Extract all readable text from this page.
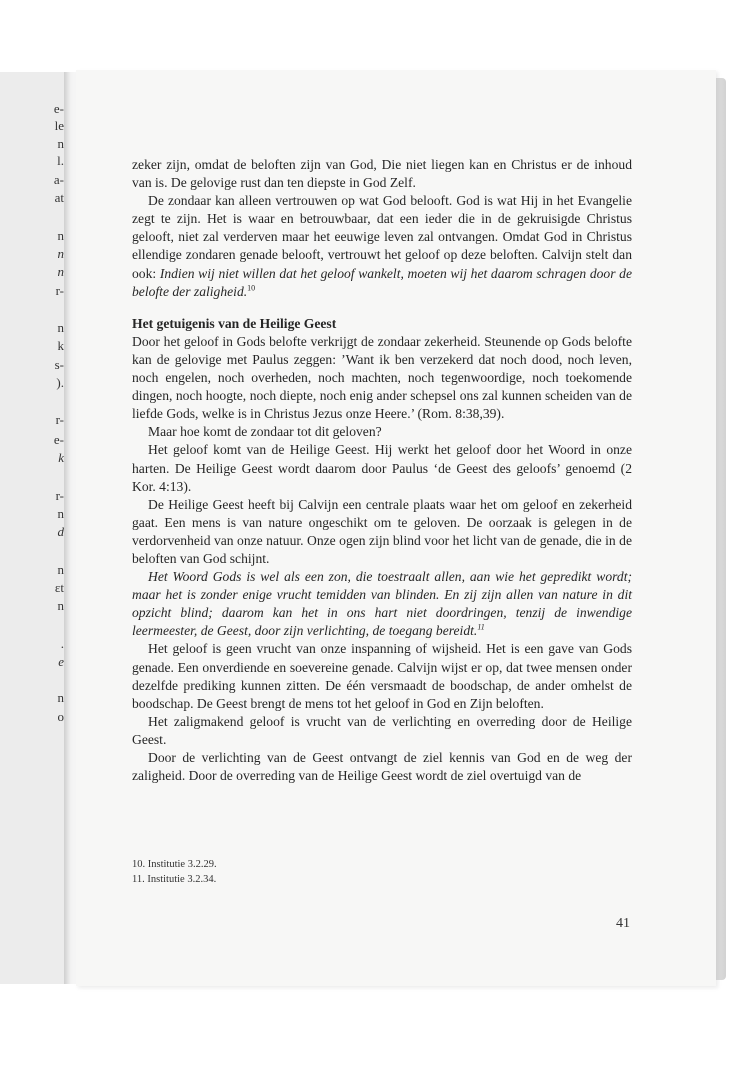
e-
le
n
l.
a-
at
n
n
n
r-
n
k
s-
).
r-
e-
k
r-
n
d
n
ɛt
n
.
e
n
o

zeker zijn, omdat de beloften zijn van God, Die niet liegen kan en Christus er de inhoud van is. De gelovige rust dan ten diepste in God Zelf.

De zondaar kan alleen vertrouwen op wat God belooft. God is wat Hij in het Evangelie zegt te zijn. Het is waar en betrouwbaar, dat een ieder die in de gekruisigde Christus gelooft, niet zal verderven maar het eeuwige leven zal ontvangen. Omdat God in Christus ellendige zondaren genade belooft, vertrouwt het geloof op deze beloften. Calvijn stelt dan ook: Indien wij niet willen dat het geloof wankelt, moeten wij het daarom schragen door de belofte der zaligheid.$^{10}$

Het getuigenis van de Heilige Geest

Door het geloof in Gods belofte verkrijgt de zondaar zekerheid. Steunende op Gods belofte kan de gelovige met Paulus zeggen: ’Want ik ben verzekerd dat noch dood, noch leven, noch engelen, noch overheden, noch machten, noch tegenwoordige, noch toekomende dingen, noch hoogte, noch diepte, noch enig ander schepsel ons zal kunnen scheiden van de liefde Gods, welke is in Christus Jezus onze Heere.’ (Rom. 8:38,39).

Maar hoe komt de zondaar tot dit geloven?

Het geloof komt van de Heilige Geest. Hij werkt het geloof door het Woord in onze harten. De Heilige Geest wordt daarom door Paulus ‘de Geest des geloofs’ genoemd (2 Kor. 4:13).

De Heilige Geest heeft bij Calvijn een centrale plaats waar het om geloof en zekerheid gaat. Een mens is van nature ongeschikt om te geloven. De oorzaak is gelegen in de verdorvenheid van onze natuur. Onze ogen zijn blind voor het licht van de genade, die in de beloften van God schijnt.

Het Woord Gods is wel als een zon, die toestraalt allen, aan wie het gepredikt wordt; maar het is zonder enige vrucht temidden van blinden. En zij zijn allen van nature in dit opzicht blind; daarom kan het in ons hart niet doordringen, tenzij de inwendige leermeester, de Geest, door zijn verlichting, de toegang bereidt.$^{11}$

Het geloof is geen vrucht van onze inspanning of wijsheid. Het is een gave van Gods genade. Een onverdiende en soevereine genade. Calvijn wijst er op, dat twee mensen onder dezelfde prediking kunnen zitten. De één versmaadt de boodschap, de ander omhelst de boodschap. De Geest brengt de mens tot het geloof in God en Zijn beloften.

Het zaligmakend geloof is vrucht van de verlichting en overreding door de Heilige Geest.

Door de verlichting van de Geest ontvangt de ziel kennis van God en de weg der zaligheid. Door de overreding van de Heilige Geest wordt de ziel overtuigd van de

10. Institutie 3.2.29.
11. Institutie 3.2.34.
41
